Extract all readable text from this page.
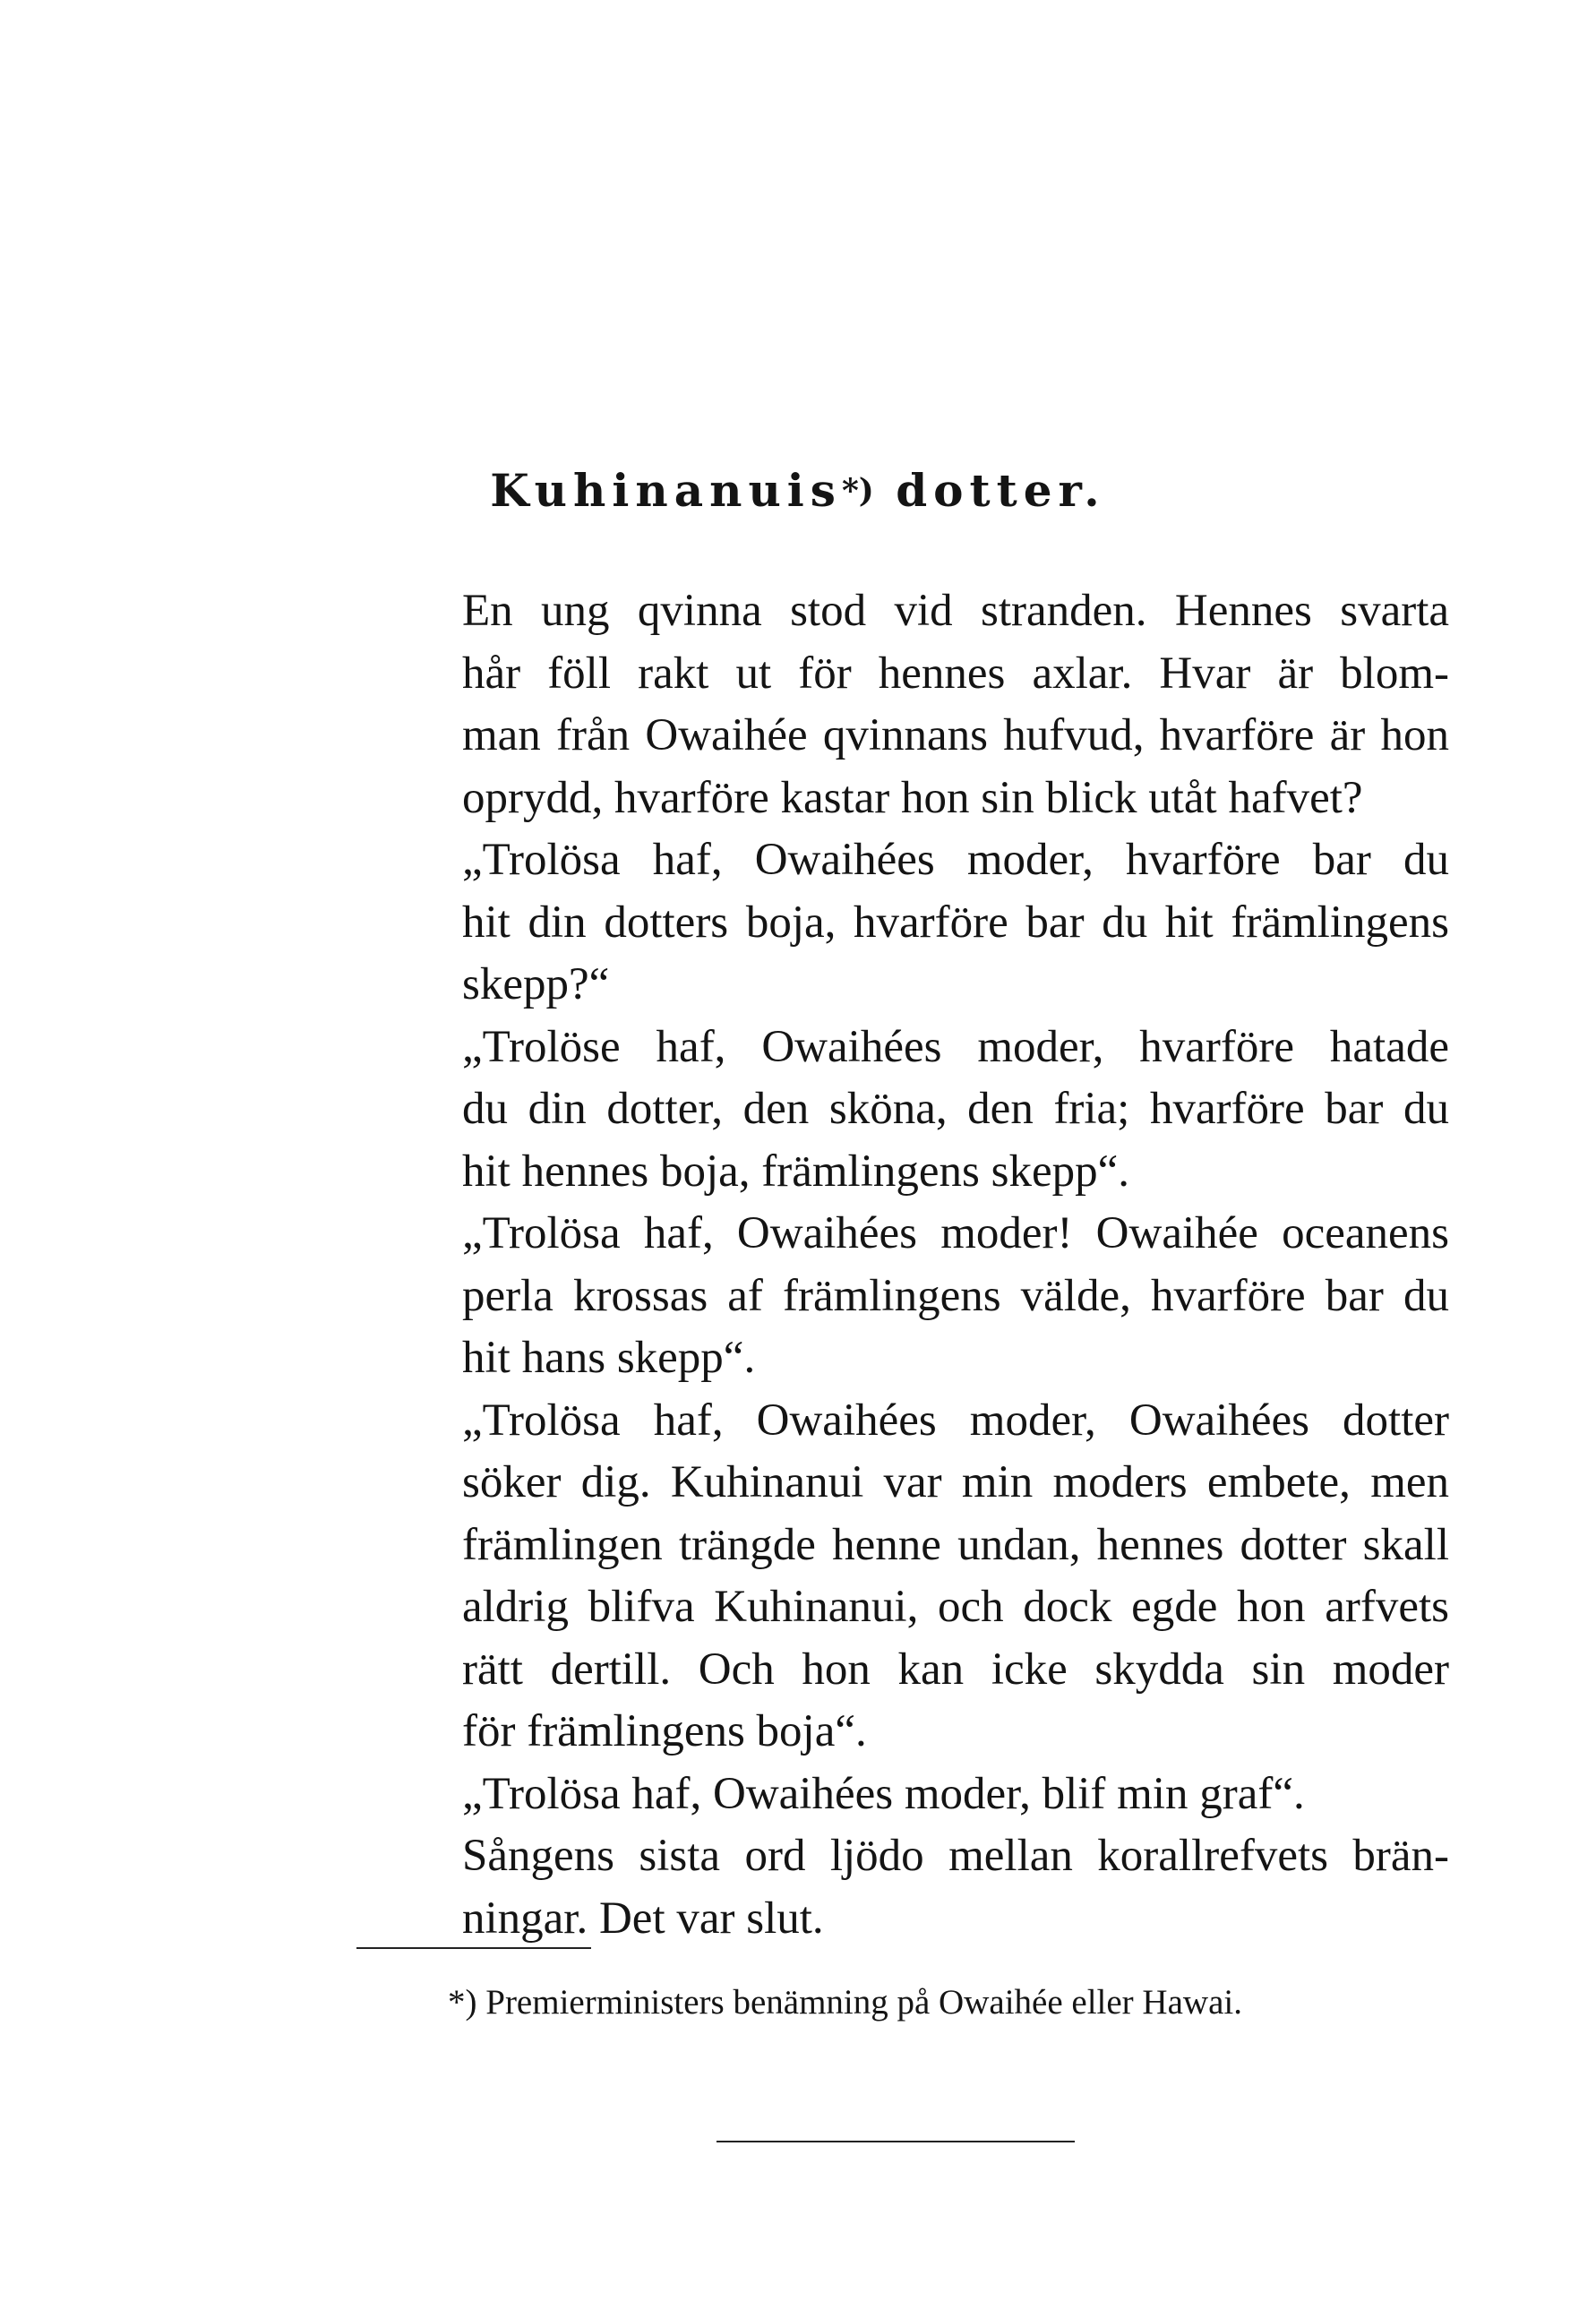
Kuhinanuis*) dotter.

En ung qvinna stod vid stranden. Hennes svarta
hår föll rakt ut för hennes axlar. Hvar är blom-
man från Owaihée qvinnans hufvud, hvarföre är hon
oprydd, hvarföre kastar hon sin blick utåt hafvet?

„Trolösa haf, Owaihées moder, hvarföre bar du
hit din dotters boja, hvarföre bar du hit främlingens
skepp?“

„Trolöse haf, Owaihées moder, hvarföre hatade
du din dotter, den sköna, den fria; hvarföre bar du
hit hennes boja, främlingens skepp“.

„Trolösa haf, Owaihées moder! Owaihée oceanens
perla krossas af främlingens välde, hvarföre bar du
hit hans skepp“.

„Trolösa haf, Owaihées moder, Owaihées dotter
söker dig. Kuhinanui var min moders embete, men
främlingen trängde henne undan, hennes dotter skall
aldrig blifva Kuhinanui, och dock egde hon arfvets
rätt dertill. Och hon kan icke skydda sin moder
för främlingens boja“.

„Trolösa haf, Owaihées moder, blif min graf“.

Sångens sista ord ljödo mellan korallrefvets brän-
ningar. Det var slut.

*) Premierministers benämning på Owaihée eller Hawai.
